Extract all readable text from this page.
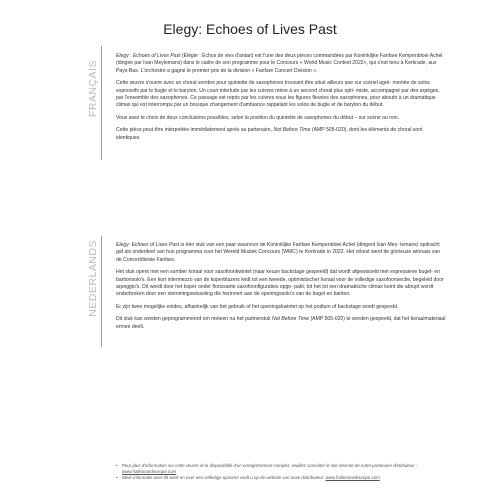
Elegy: Echoes of Lives Past
FRANÇAIS

Elegy : Echoes of Lives Past (Élégie : Échos de vies d'antan) est l'une des deux pièces commandées par Koninklijke Fanfare Kempenbloei Achel (dirigée par Ivan Meylemans) dans le cadre de son programme pour le Concours « World Music Contest 2022», qui s'est tenu à Kerkrade, aux Pays-Bas. L'orchestre a gagné le premier prix de la division « Fanfare Concert Division ».

Cette œuvre s'ouvre avec un choral sombre pour quintette de saxophones trouvant être situé ailleurs que sur scènel agré- mentée de solos expressifs par le bugle et le baryton. Un court interlude par les cuivres mène à un second choral plus opti- miste, accompagné par des arpèges, par l'ensemble des saxophones. Ce passage est repris par les cuivres sous les figures fleuries des saxophones, pour aboutir à un dramatique climax qui est interrompu par un brusque changement d'ambiance rappelant les solos de bugle et de baryton du début.

Vous avez le choix de deux conclusions possibles, selon la position du quintette de saxophones du début – sur scène ou non.

Cette pièce peut être interprétée immédiatement après sa partenaire, Not Before Time (AMP 505-020), dont les éléments de choral sont identiques.

NEDERLANDS	Elegy: Echoes of Lives Past is één stuk van een paar waarvoor de Koninklijke Fanfare Kempenbloei Achel (dirigent Ivan Mey- lemans) opdracht gaf als onderdeel van hun programma voor het Wereld Muziek Concours (WMC) te Kerkrade in 2022. Het orkest werd de glorieuze winnaar van de Concertdivisie Fanfare.

Het stuk opent met een somber koraal voor saxofoonkwintet (naar keuze backstage gespeeld) dat wordt afgewisseld met expressieve bugel- en baritonsolo's. Een kort intermezzo van de koperblazers leidt tot een tweede, optimistischer koraal voor de volledige saxofoonsectie, begeleid door arpeggio's. Dit wordt door het koper onder florissante saxofoonfiguraties opge- pakt, tot het tot een dramatische climax komt die abrupt wordt onderbroken door een stemmingswisseling die herinnert aan de openingssolo's van de bugel en bariton.

Er zijn twee mogelijke eindes, afhankelijk van het gebruik of het openingskwintet op het podium of backstage wordt gespeeld.

Dit stuk kan worden geprogrammeerd om meteen na het partnerstuk Not Before Time (AMP 505-020) te worden gespeeld, dat het koraalmateriaal ermee deelt.

• Pour plus d'information sur cette œuvre et la disponibilité d'un enregistrement complet, veuillez consulter le site internet de notre partenaire distributeur :
www.halleonardeurope.com
• Meer informatie over dit werk en over een volledige opname vindt u op de website van onze distributeur: www.halleonardeurope.com
